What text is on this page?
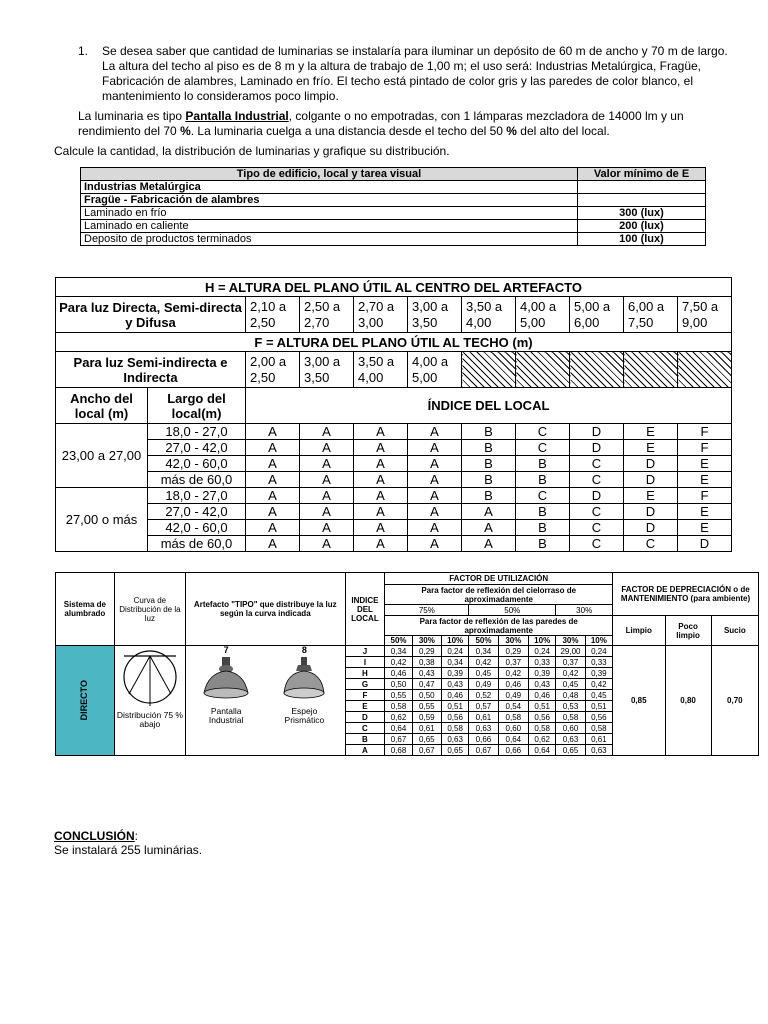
1. Se desea saber que cantidad de luminarias se instalaría para iluminar un depósito de 60 m de ancho y 70 m de largo. La altura del techo al piso es de 8 m y la altura de trabajo de 1,00 m; el uso será: Industrias Metalúrgica, Fragüe, Fabricación de alambres, Laminado en frío. El techo está pintado de color gris y las paredes de color blanco, el mantenimiento lo consideramos poco limpio.
La luminaria es tipo Pantalla Industrial, colgante o no empotradas, con 1 lámparas mezcladora de 14000 lm y un rendimiento del 70 %. La luminaria cuelga a una distancia desde el techo del 50 % del alto del local.
Calcule la cantidad, la distribución de luminarias y grafique su distribución.
Tipo de edificio, local y tarea visual	Valor mínimo de E
Industrias Metalúrgica	
Fragüe - Fabricación de alambres	
Laminado en frío	300 (lux)
Laminado en caliente	200 (lux)
Deposito de productos terminados	100 (lux)
H = ALTURA DEL PLANO ÚTIL AL CENTRO DEL ARTEFACTO										
Para luz Directa, Semi-directa y Difusa		2,10 a 2,50	2,50 a 2,70	2,70 a 3,00	3,00 a 3,50	3,50 a 4,00	4,00 a 5,00	5,00 a 6,00	6,00 a 7,50	7,50 a 9,00
F = ALTURA DEL PLANO ÚTIL AL TECHO (m)										
Para luz Semi-indirecta e Indirecta		2,00 a 2,50	3,00 a 3,50	3,50 a 4,00	4,00 a 5,00					
Ancho del local (m)	Largo del local(m)	ÍNDICE DEL LOCAL								
23,00 a 27,00	18,0 - 27,0	A	A	A	A	B	C	D	E	F
	27,0 - 42,0	A	A	A	A	B	C	D	E	F
	42,0 - 60,0	A	A	A	A	B	B	C	D	E
	más de 60,0	A	A	A	A	B	B	C	D	E
27,00 o más	18,0 - 27,0	A	A	A	A	B	C	D	E	F
	27,0 - 42,0	A	A	A	A	A	B	C	D	E
	42,0 - 60,0	A	A	A	A	A	B	C	D	E
	más de 60,0	A	A	A	A	A	B	C	C	D
Sistema de alumbrado	Curva de Distribución de la luz	Artefacto "TIPO" que distribuye la luz según la curva indicada	INDICE DEL LOCAL	FACTOR DE UTILIZACIÓN								FACTOR DE DEPRECIACIÓN o de MANTENIMIENTO (para ambiente)		
				Para factor de reflexión del cielorraso de aproximadamente										
				75%			50%			30%				
				Para factor de reflexión de las paredes de aproximadamente								Limpio	Poco limpio	Sucio
				50%	30%	10%	50%	30%	10%	30%	10%			

DIRECTO	Distribución 75 % abajo	7
Pantalla Industrial
8
Espejo Prismático	J	0,34	0,29	0,24	0,34	0,29	0,24	29,00	0,24	0,85	0,80	0,70
			I	0,42	0,38	0,34	0,42	0,37	0,33	0,37	0,33			
			H	0,46	0,43	0,39	0,45	0,42	0,39	0,42	0,39			
			G	0,50	0,47	0,43	0,49	0,46	0,43	0,45	0,42			
			F	0,55	0,50	0,46	0,52	0,49	0,46	0,48	0,45			
			E	0,58	0,55	0,51	0,57	0,54	0,51	0,53	0,51			
			D	0,62	0,59	0,56	0,61	0,58	0,56	0,58	0,56			
			C	0,64	0,61	0,58	0,63	0,60	0,58	0,60	0,58			
			B	0,67	0,65	0,63	0,66	0,64	0,62	0,63	0,61			
			A	0,68	0,67	0,65	0,67	0,66	0,64	0,65	0,63			
CONCLUSIÓN:
Se instalará 255 luminárias.
